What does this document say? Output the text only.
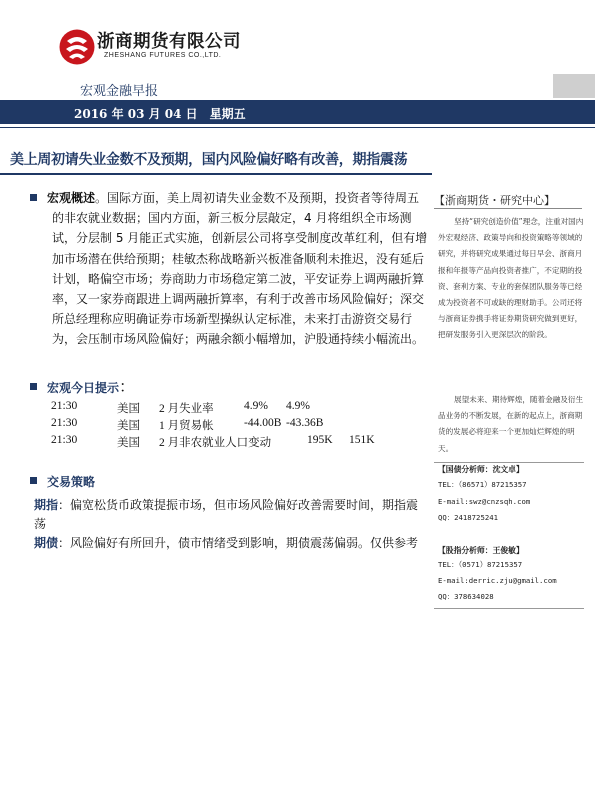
浙商期货有限公司
ZHESHANG FUTURES CO.,LTD.
宏观金融早报
2016 年 03 月 04 日　星期五
美上周初请失业金数不及预期，国内风险偏好略有改善，期指震荡
宏观概述。国际方面，美上周初请失业金数不及预期，投资者等待周五的非农就业数据；国内方面，新三板分层敲定，4 月将组织全市场测试，分层制 5 月能正式实施，创新层公司将享受制度改革红利，但有增加市场潜在供给预期；桂敏杰称战略新兴板准备顺利未推迟，没有延后计划，略偏空市场；券商助力市场稳定第二波，平安证券上调两融折算率，又一家券商跟进上调两融折算率，有利于改善市场风险偏好；深交所总经理称应明确证券市场新型操纵认定标准，未来打击游资交易行为，会压制市场风险偏好；两融余额小幅增加，沪股通持续小幅流出。
宏观今日提示：
21:30	美国 2 月失业率	4.9% 4.9%
21:30	美国 1 月贸易帐	-44.00B -43.36B
21:30	美国 2 月非农就业人口变动	195K 151K
交易策略
期指：偏宽松货币政策提振市场，但市场风险偏好改善需要时间，期指震荡
期债：风险偏好有所回升，债市情绪受到影响，期债震荡偏弱。仅供参考
【浙商期货・研究中心】
坚持“研究创造价值”理念，注重对国内外宏观经济、政策导向和投资策略等领域的研究，并将研究成果通过每日早会、浙商月报和年报等产品向投资者推广，不定期的投资、套利方案、专业的套保团队服务等已经成为投资者不可或缺的理财助手。公司还将与浙商证券携手将证券期货研究做到更好，把研发服务引入更深层次的阶段。
展望未来、期待辉煌，随着金融及衍生品业务的不断发展，在新的起点上，浙商期货的发展必将迎来一个更加灿烂辉煌的明天。
【国债分析师：沈文卓】
TEL：（86571）87215357
E-mail:swz@cnzsqh.com
QQ：2418725241
【股指分析师：王俊敏】
TEL：（0571）87215357
E-mail:derric.zju@gmail.com
QQ：378634028
